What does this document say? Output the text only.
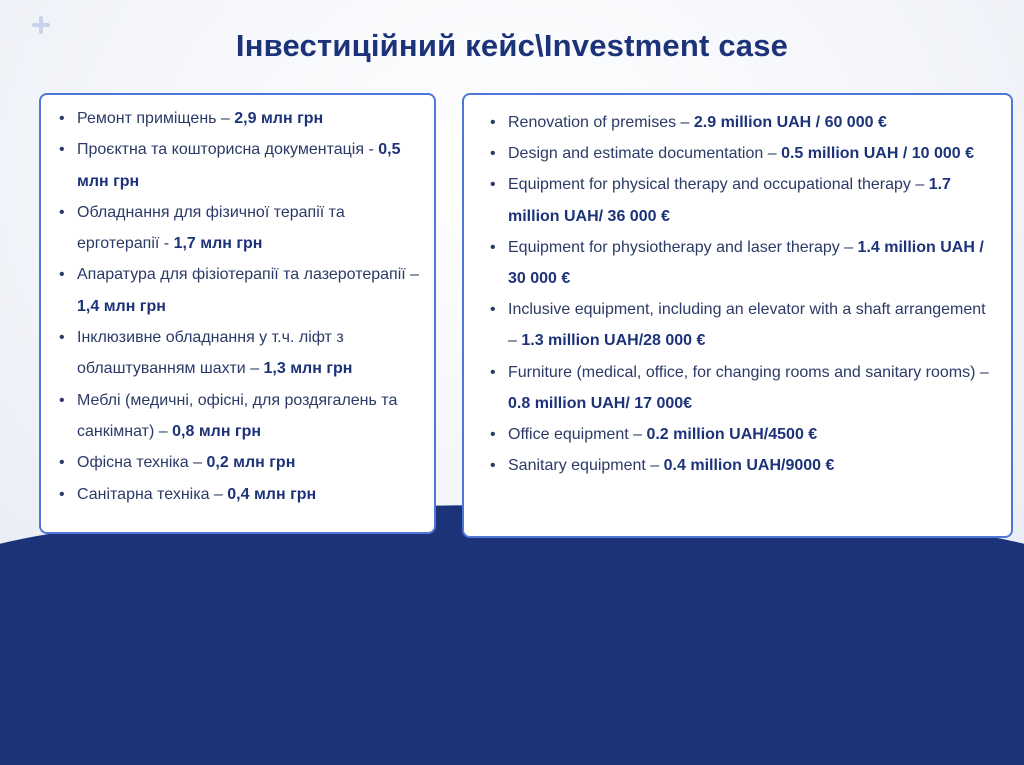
Інвестиційний кейс\Investment case
• Ремонт приміщень – 2,9 млн грн
• Проєктна та кошторисна документація - 0,5 млн грн
• Обладнання для фізичної терапії та ерготерапії - 1,7 млн грн
• Апаратура для фізіотерапії та лазеротерапії – 1,4 млн грн
• Інклюзивне обладнання у т.ч. ліфт з облаштуванням шахти – 1,3 млн грн
• Меблі (медичні, офісні, для роздягалень та санкімнат) – 0,8 млн грн
• Офісна техніка – 0,2 млн грн
• Санітарна техніка – 0,4 млн грн
• Renovation of premises – 2.9 million UAH / 60 000 €
• Design and estimate documentation – 0.5 million UAH / 10 000 €
• Equipment for physical therapy and occupational therapy – 1.7 million UAH/ 36 000 €
• Equipment for physiotherapy and laser therapy – 1.4 million UAH / 30 000 €
• Inclusive equipment, including an elevator with a shaft arrangement – 1.3 million UAH/28 000 €
• Furniture (medical, office, for changing rooms and sanitary rooms) – 0.8 million UAH/ 17 000€
• Office equipment – 0.2 million UAH/4500 €
• Sanitary equipment – 0.4 million UAH/9000 €
